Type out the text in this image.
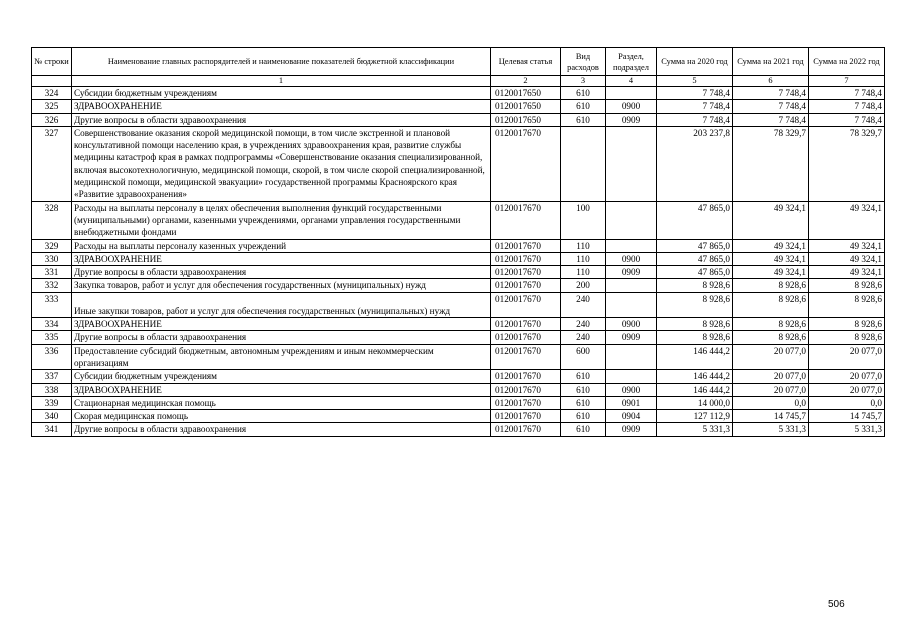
№ строки	Наименование главных распорядителей и наименование показателей бюджетной классификации	Целевая статья	Вид расходов	Раздел, подраздел	Сумма на 2020 год	Сумма на 2021 год	Сумма на 2022 год
	1	2	3	4	5	6	7
324	Субсидии бюджетным учреждениям	0120017650	610		7 748,4	7 748,4	7 748,4
325	ЗДРАВООХРАНЕНИЕ	0120017650	610	0900	7 748,4	7 748,4	7 748,4
326	Другие вопросы в области здравоохранения	0120017650	610	0909	7 748,4	7 748,4	7 748,4
327	Совершенствование оказания скорой медицинской помощи, в том числе экстренной и плановой консультативной помощи населению края, в учреждениях здравоохранения края, развитие службы медицины катастроф края в рамках подпрограммы «Совершенствование оказания специализированной, включая высокотехнологичную, медицинской помощи, скорой, в том числе скорой специализированной, медицинской помощи, медицинской эвакуации» государственной программы Красноярского края «Развитие здравоохранения»	0120017670			203 237,8	78 329,7	78 329,7
328	Расходы на выплаты персоналу в целях обеспечения выполнения функций государственными (муниципальными) органами, казенными учреждениями, органами управления государственными внебюджетными фондами	0120017670	100		47 865,0	49 324,1	49 324,1
329	Расходы на выплаты персоналу казенных учреждений	0120017670	110		47 865,0	49 324,1	49 324,1
330	ЗДРАВООХРАНЕНИЕ	0120017670	110	0900	47 865,0	49 324,1	49 324,1
331	Другие вопросы в области здравоохранения	0120017670	110	0909	47 865,0	49 324,1	49 324,1
332	Закупка товаров, работ и услуг для обеспечения государственных (муниципальных) нужд	0120017670	200		8 928,6	8 928,6	8 928,6
333	Иные закупки товаров, работ и услуг для обеспечения государственных (муниципальных) нужд	0120017670	240		8 928,6	8 928,6	8 928,6
334	ЗДРАВООХРАНЕНИЕ	0120017670	240	0900	8 928,6	8 928,6	8 928,6
335	Другие вопросы в области здравоохранения	0120017670	240	0909	8 928,6	8 928,6	8 928,6
336	Предоставление субсидий бюджетным, автономным учреждениям и иным некоммерческим организациям	0120017670	600		146 444,2	20 077,0	20 077,0
337	Субсидии бюджетным учреждениям	0120017670	610		146 444,2	20 077,0	20 077,0
338	ЗДРАВООХРАНЕНИЕ	0120017670	610	0900	146 444,2	20 077,0	20 077,0
339	Стационарная медицинская помощь	0120017670	610	0901	14 000,0	0,0	0,0
340	Скорая медицинская помощь	0120017670	610	0904	127 112,9	14 745,7	14 745,7
341	Другие вопросы в области здравоохранения	0120017670	610	0909	5 331,3	5 331,3	5 331,3
506
